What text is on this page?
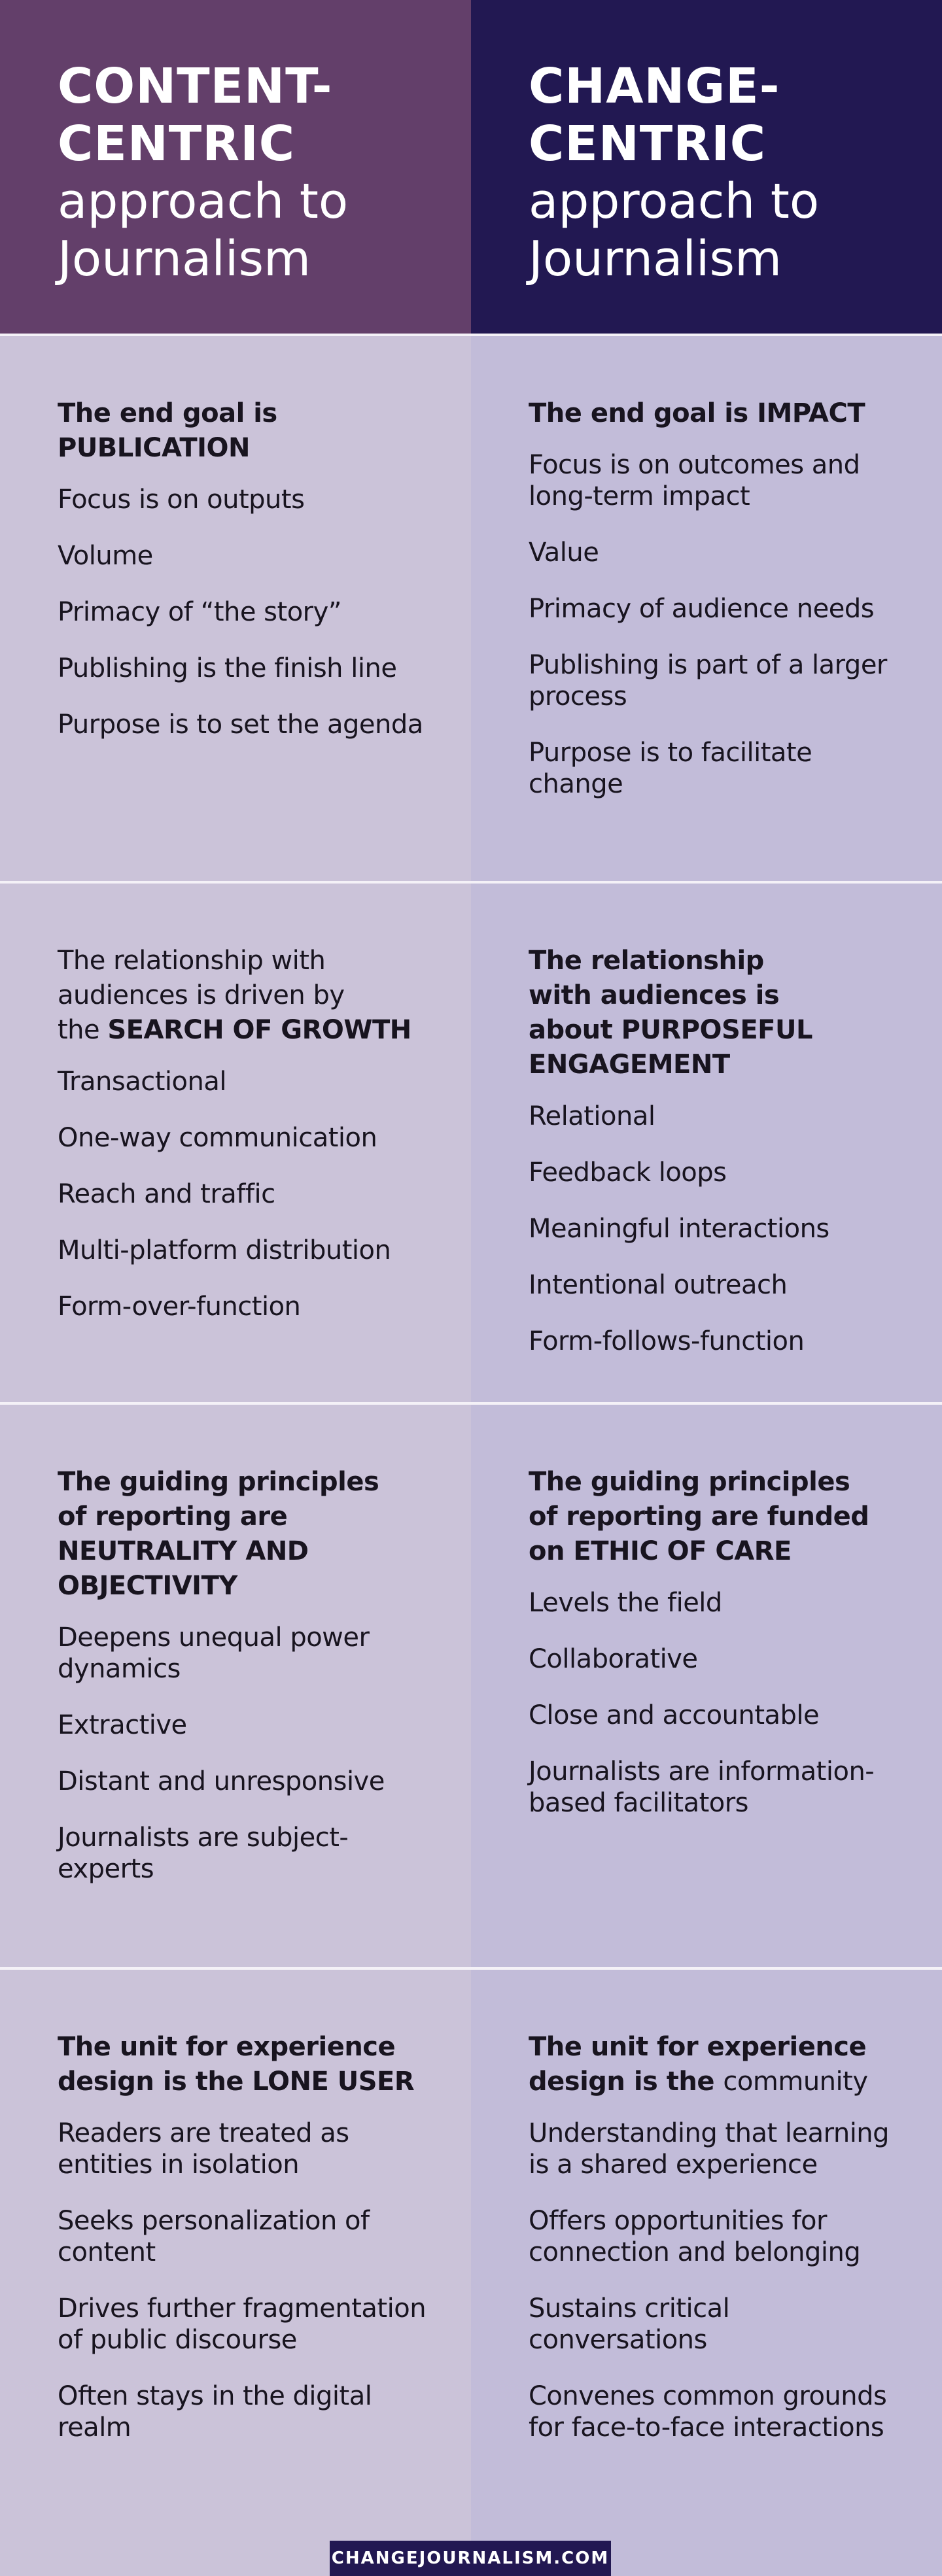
CONTENT-
CENTRIC
approach to
Journalism
CHANGE-
CENTRIC
approach to
Journalism
The end goal is
PUBLICATION
Focus is on outputs
Volume
Primacy of “the story”
Publishing is the finish line
Purpose is to set the agenda
The end goal is IMPACT
Focus is on outcomes and long-term impact
Value
Primacy of audience needs
Publishing is part of a larger process
Purpose is to facilitate change
The relationship with
audiences is driven by
the SEARCH OF GROWTH
Transactional
One-way communication
Reach and traffic
Multi-platform distribution
Form-over-function
The relationship
with audiences is
about PURPOSEFUL
ENGAGEMENT
Relational
Feedback loops
Meaningful interactions
Intentional outreach
Form-follows-function
The guiding principles
of reporting are
NEUTRALITY AND
OBJECTIVITY
Deepens unequal power dynamics
Extractive
Distant and unresponsive
Journalists are subject-experts
The guiding principles
of reporting are funded
on ETHIC OF CARE
Levels the field
Collaborative
Close and accountable
Journalists are information-based facilitators
The unit for experience
design is the LONE USER
Readers are treated as entities in isolation
Seeks personalization of content
Drives further fragmentation of public discourse
Often stays in the digital realm
The unit for experience
design is the community
Understanding that learning is a shared experience
Offers opportunities for connection and belonging
Sustains critical conversations
Convenes common grounds for face-to-face interactions
CHANGEJOURNALISM.COM
